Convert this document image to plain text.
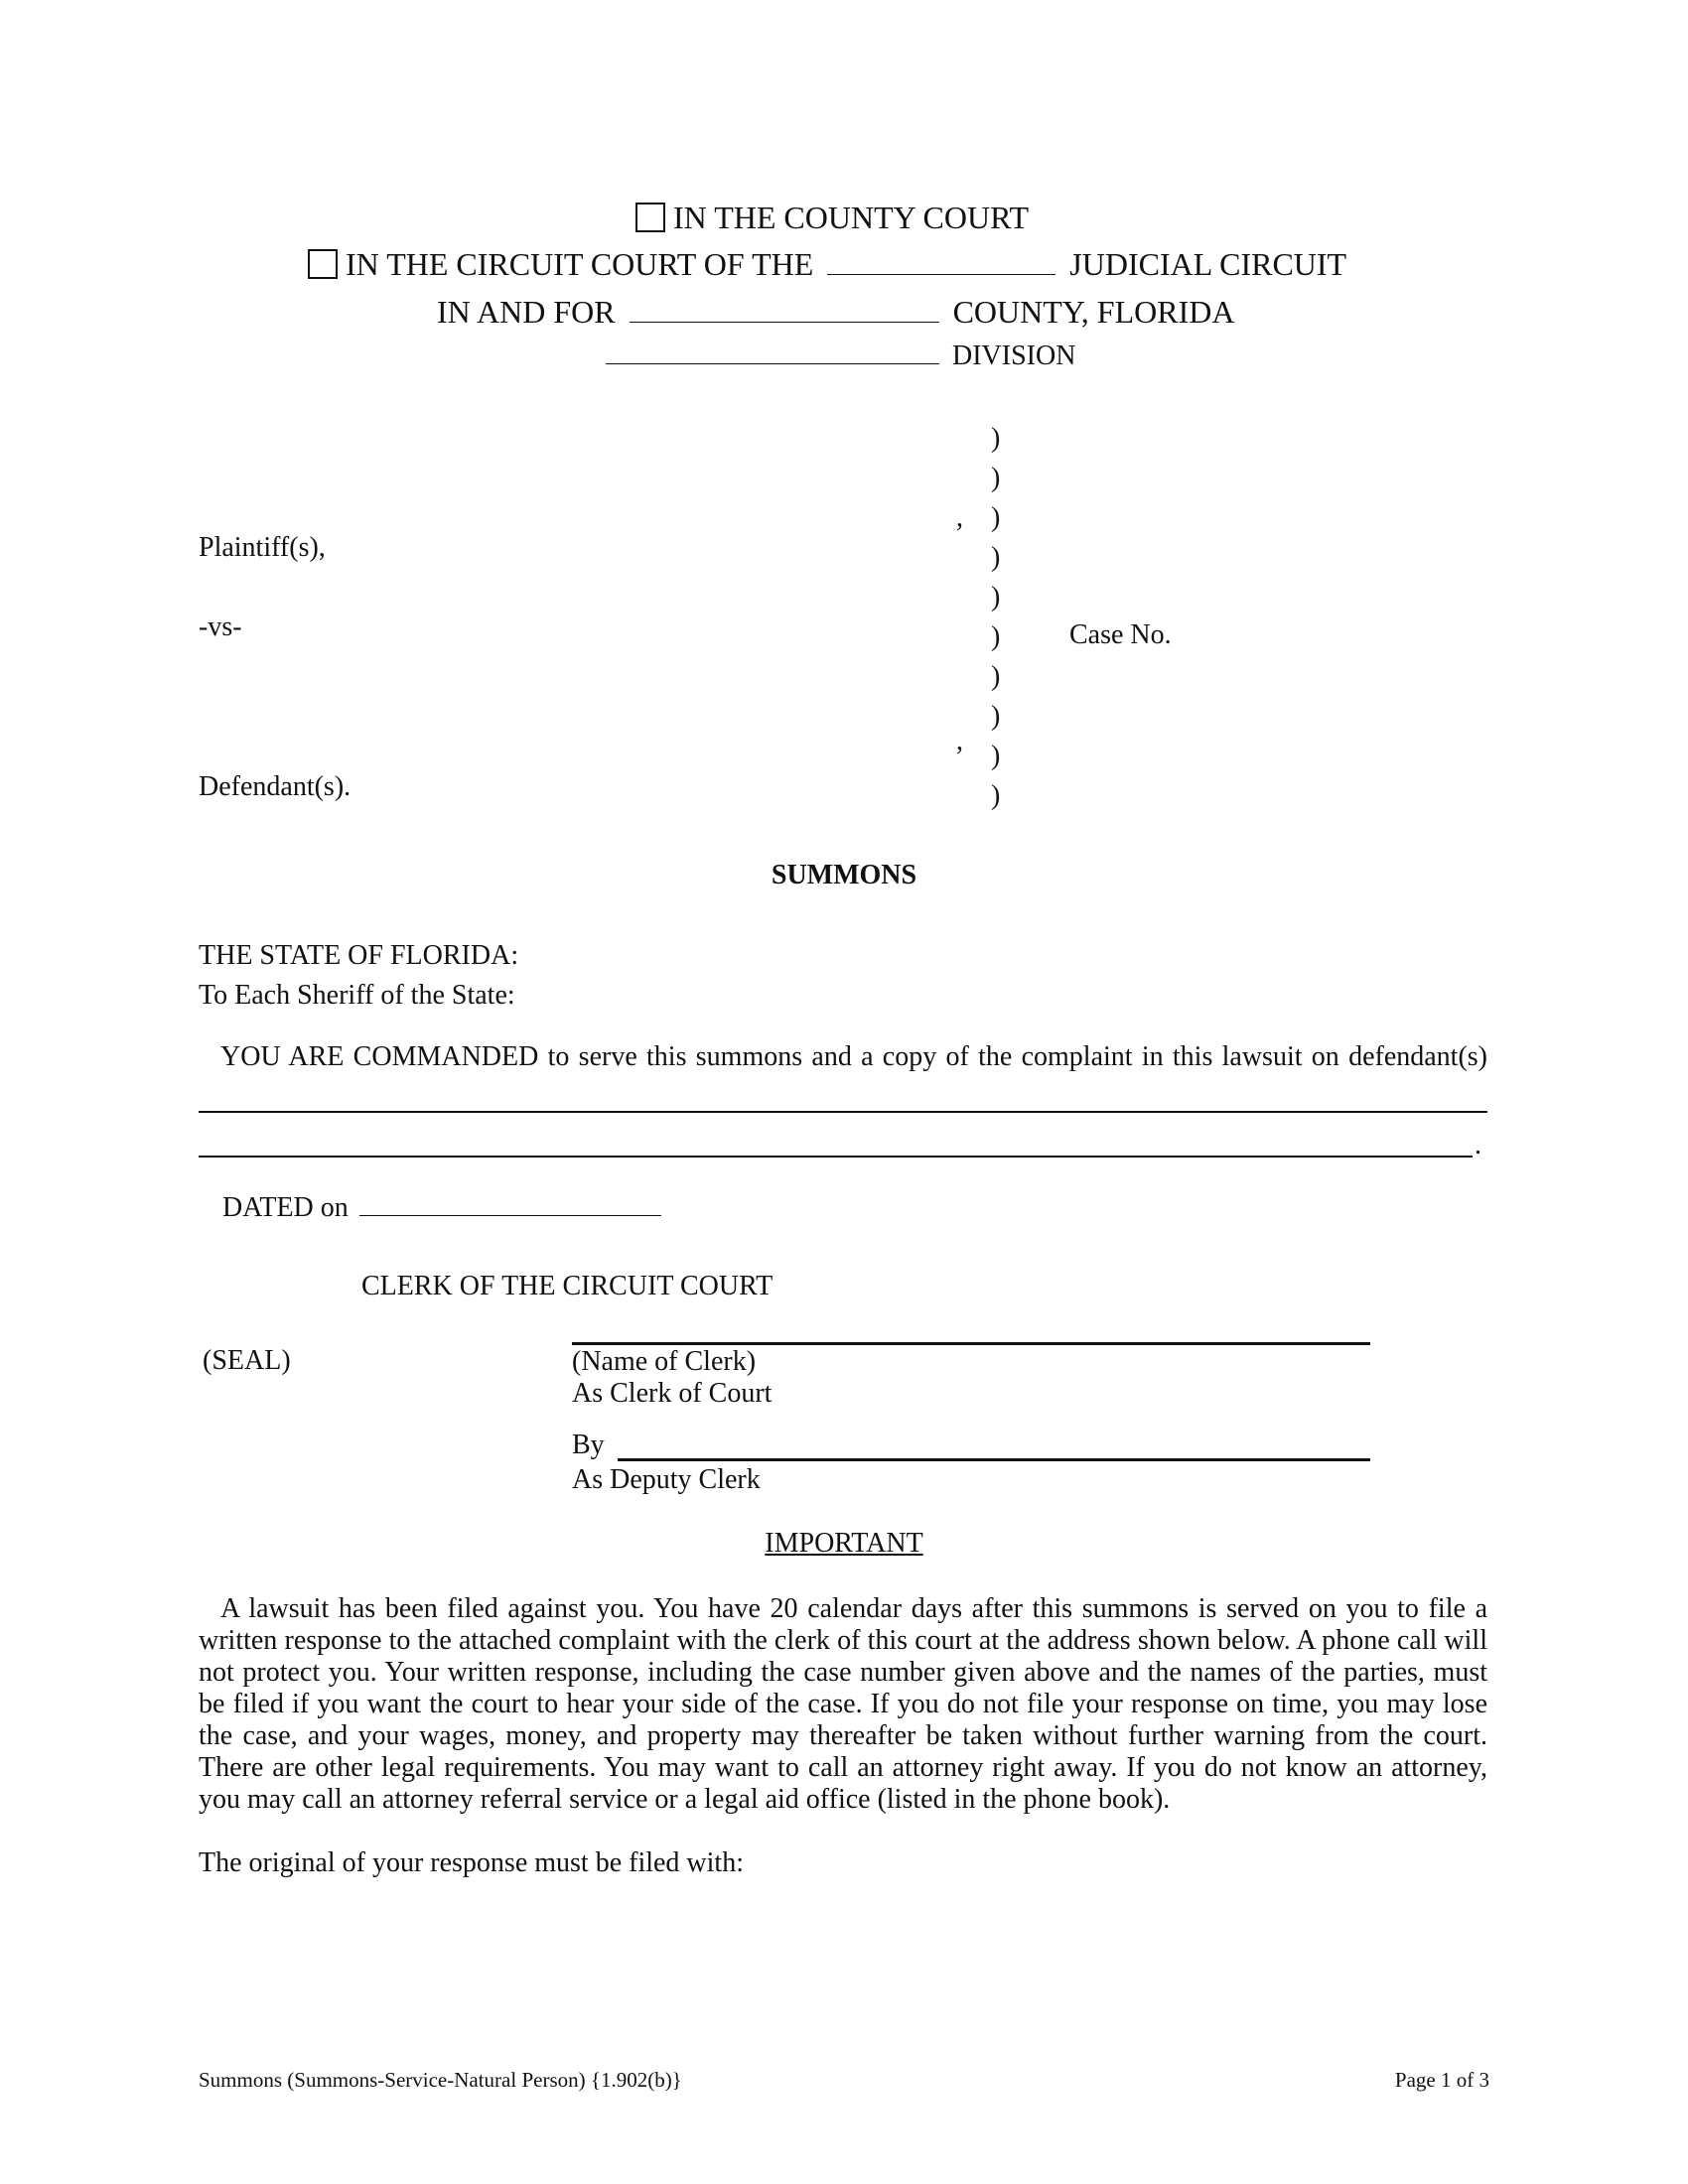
IN THE COUNTY COURT
IN THE CIRCUIT COURT OF THE	JUDICIAL CIRCUIT
IN AND FOR	COUNTY, FLORIDA
DIVISION
)
)
)
)
)
)
)
)
)
)
,
,
Plaintiff(s),
-vs-
Defendant(s).
Case No.
SUMMONS
THE STATE OF FLORIDA:
To Each Sheriff of the State:
YOU ARE COMMANDED to serve this summons and a copy of the complaint in this lawsuit on defendant(s)
.
DATED on
CLERK OF THE CIRCUIT COURT
(SEAL)	(Name of Clerk)
As Clerk of Court
By
As Deputy Clerk
IMPORTANT
A lawsuit has been filed against you. You have 20 calendar days after this summons is served on you to file a written response to the attached complaint with the clerk of this court at the address shown below. A phone call will not protect you. Your written response, including the case number given above and the names of the parties, must be filed if you want the court to hear your side of the case. If you do not file your response on time, you may lose the case, and your wages, money, and property may thereafter be taken without further warning from the court. There are other legal requirements. You may want to call an attorney right away. If you do not know an attorney, you may call an attorney referral service or a legal aid office (listed in the phone book).
The original of your response must be filed with:
Summons (Summons-Service-Natural Person) {1.902(b)}	Page 1 of 3
